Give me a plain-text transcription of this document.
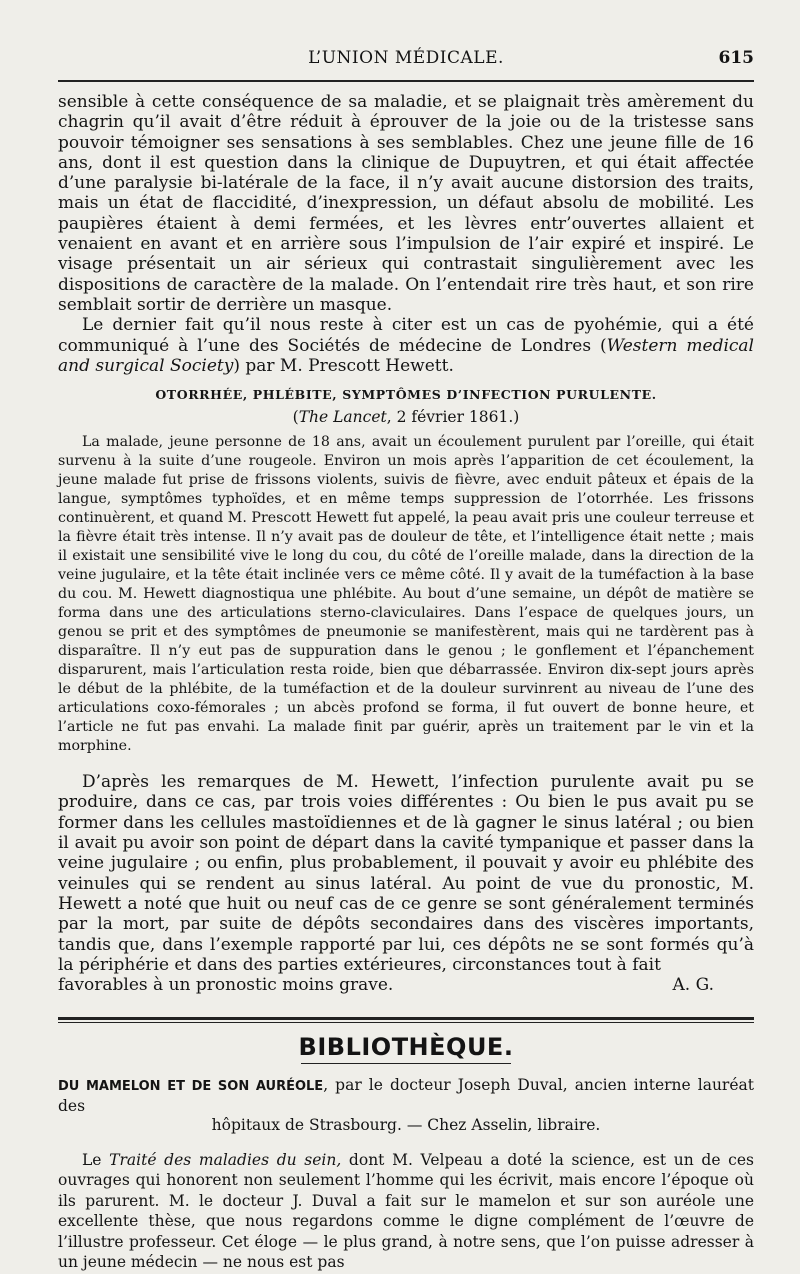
L’UNION MÉDICALE.	615

sensible à cette conséquence de sa maladie, et se plaignait très amèrement du chagrin qu’il avait d’être réduit à éprouver de la joie ou de la tristesse sans pouvoir témoigner ses sensations à ses semblables. Chez une jeune fille de 16 ans, dont il est question dans la clinique de Dupuytren, et qui était affectée d’une paralysie bi-latérale de la face, il n’y avait aucune distorsion des traits, mais un état de flaccidité, d’inexpression, un défaut absolu de mobilité. Les paupières étaient à demi fermées, et les lèvres entr’ouvertes allaient et venaient en avant et en arrière sous l’impulsion de l’air expiré et inspiré. Le visage présentait un air sérieux qui contrastait singulièrement avec les dispositions de caractère de la malade. On l’entendait rire très haut, et son rire semblait sortir de derrière un masque.

Le dernier fait qu’il nous reste à citer est un cas de pyohémie, qui a été communiqué à l’une des Sociétés de médecine de Londres (Western medical and surgical Society) par M. Prescott Hewett.

OTORRHÉE, PHLÉBITE, SYMPTÔMES D’INFECTION PURULENTE.
(The Lancet, 2 février 1861.)

La malade, jeune personne de 18 ans, avait un écoulement purulent par l’oreille, qui était survenu à la suite d’une rougeole. Environ un mois après l’apparition de cet écoulement, la jeune malade fut prise de frissons violents, suivis de fièvre, avec enduit pâteux et épais de la langue, symptômes typhoïdes, et en même temps suppression de l’otorrhée. Les frissons continuèrent, et quand M. Prescott Hewett fut appelé, la peau avait pris une couleur terreuse et la fièvre était très intense. Il n’y avait pas de douleur de tête, et l’intelligence était nette ; mais il existait une sensibilité vive le long du cou, du côté de l’oreille malade, dans la direction de la veine jugulaire, et la tête était inclinée vers ce même côté. Il y avait de la tuméfaction à la base du cou. M. Hewett diagnostiqua une phlébite. Au bout d’une semaine, un dépôt de matière se forma dans une des articulations sterno-claviculaires. Dans l’espace de quelques jours, un genou se prit et des symptômes de pneumonie se manifestèrent, mais qui ne tardèrent pas à disparaître. Il n’y eut pas de suppuration dans le genou ; le gonflement et l’épanchement disparurent, mais l’articulation resta roide, bien que débarrassée. Environ dix-sept jours après le début de la phlébite, de la tuméfaction et de la douleur survinrent au niveau de l’une des articulations coxo-fémorales ; un abcès profond se forma, il fut ouvert de bonne heure, et l’article ne fut pas envahi. La malade finit par guérir, après un traitement par le vin et la morphine.

D’après les remarques de M. Hewett, l’infection purulente avait pu se produire, dans ce cas, par trois voies différentes : Ou bien le pus avait pu se former dans les cellules mastoïdiennes et de là gagner le sinus latéral ; ou bien il avait pu avoir son point de départ dans la cavité tympanique et passer dans la veine jugulaire ; ou enfin, plus probablement, il pouvait y avoir eu phlébite des veinules qui se rendent au sinus latéral. Au point de vue du pronostic, M. Hewett a noté que huit ou neuf cas de ce genre se sont généralement terminés par la mort, par suite de dépôts secondaires dans des viscères importants, tandis que, dans l’exemple rapporté par lui, ces dépôts ne se sont formés qu’à la périphérie et dans des parties extérieures, circonstances tout à fait

favorables à un pronostic moins grave.	A. G.
BIBLIOTHÈQUE.

DU MAMELON ET DE SON AURÉOLE, par le docteur Joseph Duval, ancien interne lauréat des

hôpitaux de Strasbourg. — Chez Asselin, libraire.

Le Traité des maladies du sein, dont M. Velpeau a doté la science, est un de ces ouvrages qui honorent non seulement l’homme qui les écrivit, mais encore l’époque où ils parurent. M. le docteur J. Duval a fait sur le mamelon et sur son auréole une excellente thèse, que nous regardons comme le digne complément de l’œuvre de l’illustre professeur. Cet éloge — le plus grand, à notre sens, que l’on puisse adresser à un jeune médecin — ne nous est pas
